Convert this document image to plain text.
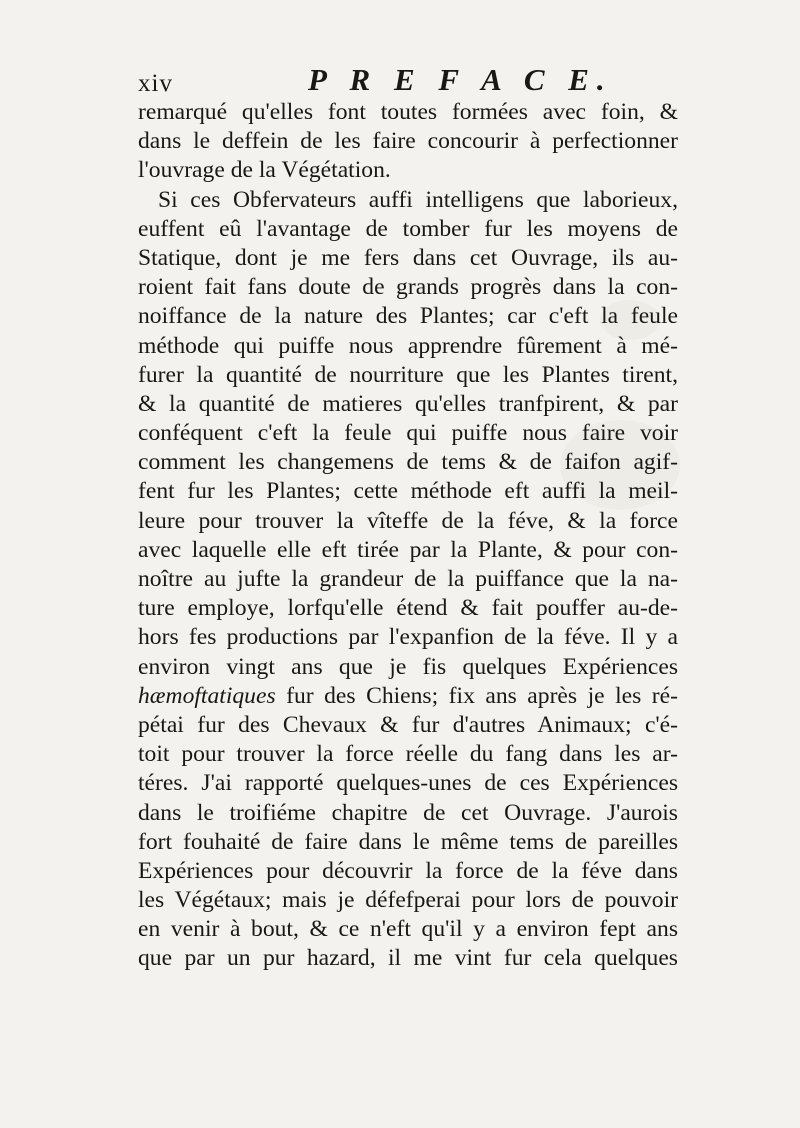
xiv	P R E F A C E.
remarqué qu'elles font toutes formées avec foin, &
dans le deffein de les faire concourir à perfectionner
l'ouvrage de la Végétation.
Si ces Obfervateurs auffi intelligens que laborieux,
euffent eû l'avantage de tomber fur les moyens de
Statique, dont je me fers dans cet Ouvrage, ils au-
roient fait fans doute de grands progrès dans la con-
noiffance de la nature des Plantes; car c'eft la feule
méthode qui puiffe nous apprendre fûrement à mé-
furer la quantité de nourriture que les Plantes tirent,
& la quantité de matieres qu'elles tranfpirent, & par
conféquent c'eft la feule qui puiffe nous faire voir
comment les changemens de tems & de faifon agif-
fent fur les Plantes; cette méthode eft auffi la meil-
leure pour trouver la vîteffe de la féve, & la force
avec laquelle elle eft tirée par la Plante, & pour con-
noître au jufte la grandeur de la puiffance que la na-
ture employe, lorfqu'elle étend & fait pouffer au-de-
hors fes productions par l'expanfion de la féve. Il y a
environ vingt ans que je fis quelques Expériences
hæmoftatiques fur des Chiens; fix ans après je les ré-
pétai fur des Chevaux & fur d'autres Animaux; c'é-
toit pour trouver la force réelle du fang dans les ar-
téres. J'ai rapporté quelques-unes de ces Expériences
dans le troifiéme chapitre de cet Ouvrage. J'aurois
fort fouhaité de faire dans le même tems de pareilles
Expériences pour découvrir la force de la féve dans
les Végétaux; mais je défefperai pour lors de pouvoir
en venir à bout, & ce n'eft qu'il y a environ fept ans
que par un pur hazard, il me vint fur cela quelques
